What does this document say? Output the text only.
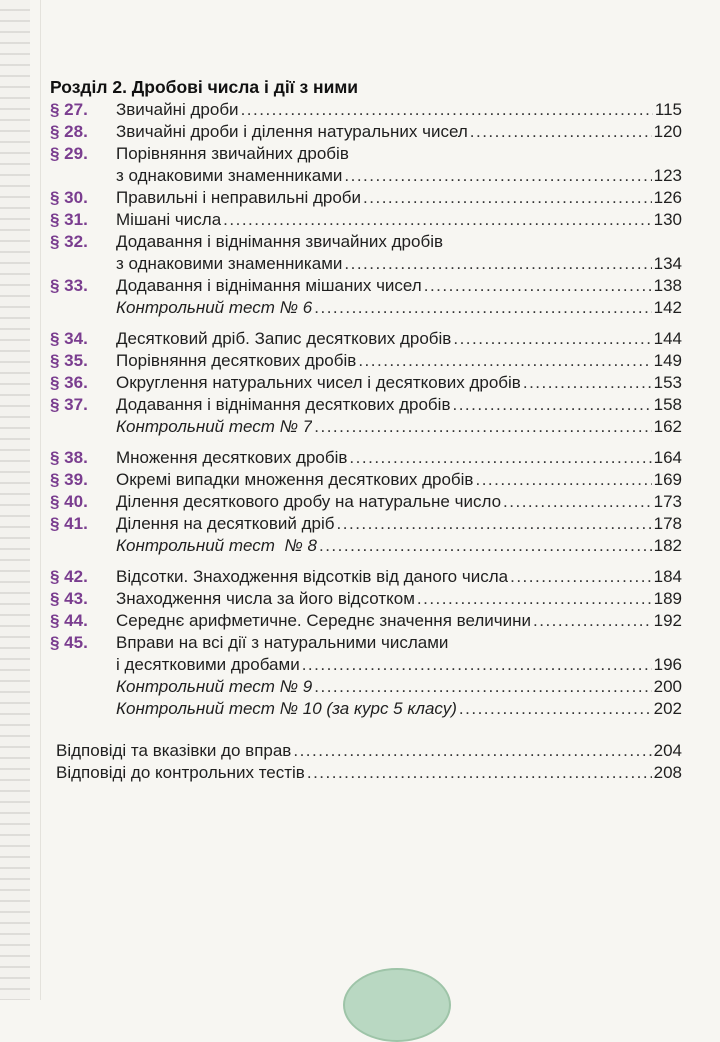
Розділ 2. Дробові числа і дії з ними
§ 27.	Звичайні дроби .....	115
§ 28.	Звичайні дроби і ділення натуральних чисел .....	120
§ 29.	Порівняння звичайних дробів
з однаковими знаменниками .....	123
§ 30.	Правильні і неправильні дроби .....	126
§ 31.	Мішані числа .....	130
§ 32.	Додавання і віднімання звичайних дробів
з однаковими знаменниками .....	134
§ 33.	Додавання і віднімання мішаних чисел .....	138
Контрольний тест № 6 .....	142
§ 34.	Десятковий дріб. Запис десяткових дробів .....	144
§ 35.	Порівняння десяткових дробів .....	149
§ 36.	Округлення натуральних чисел і десяткових дробів .....	153
§ 37.	Додавання і віднімання десяткових дробів .....	158
Контрольний тест № 7 .....	162
§ 38.	Множення десяткових дробів .....	164
§ 39.	Окремі випадки множення десяткових дробів .....	169
§ 40.	Ділення десяткового дробу на натуральне число .....	173
§ 41.	Ділення на десятковий дріб .....	178
Контрольний тест  № 8 .....	182
§ 42.	Відсотки. Знаходження відсотків від даного числа .....	184
§ 43.	Знаходження числа за його відсотком .....	189
§ 44.	Середнє арифметичне. Середнє значення величини .....	192
§ 45.	Вправи на всі дії з натуральними числами
і десятковими дробами .....	196
Контрольний тест № 9 .....	200
Контрольний тест № 10 (за курс 5 класу) .....	202
Відповіді та вказівки до вправ .....	204
Відповіді до контрольних тестів .....	208
